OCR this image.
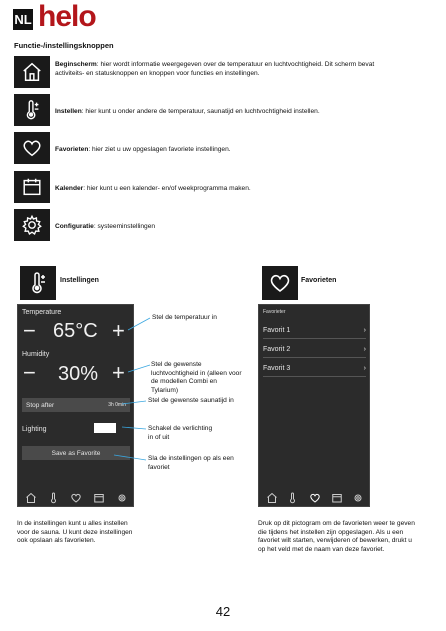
NL helo
Functie-/instellingsknoppen
Beginscherm: hier wordt informatie weergegeven over de temperatuur en luchtvochtigheid. Dit scherm bevat activiteits- en statusknoppen en knoppen voor functies en instellingen.
Instellen: hier kunt u onder andere de temperatuur, saunatijd en luchtvochtigheid instellen.
Favorieten: hier ziet u uw opgeslagen favoriete instellingen.
Kalender: hier kunt u een kalender- en/of weekprogramma maken.
Configuratie: systeeminstellingen
Instellingen
Temperature
− 65°C +
Humidity
− 30% +
Stop after	3h 0min
Lighting
Save as Favorite
Stel de temperatuur in
Stel de gewenste luchtvochtigheid in (alleen voor de modellen Combi en Tylarium)
Stel de gewenste saunatijd in
Schakel de verlichting in of uit
Sla de instellingen op als een favoriet
In de instellingen kunt u alles instellen voor de sauna. U kunt deze instellingen ook opslaan als favorieten.
Favorieten
Favorieter
Favorit 1	›
Favorit 2	›
Favorit 3	›
Druk op dit pictogram om de favorieten weer te geven die tijdens het instellen zijn opgeslagen. Als u een favoriet wilt starten, verwijderen of bewerken, drukt u op het veld met de naam van deze favoriet.
42
